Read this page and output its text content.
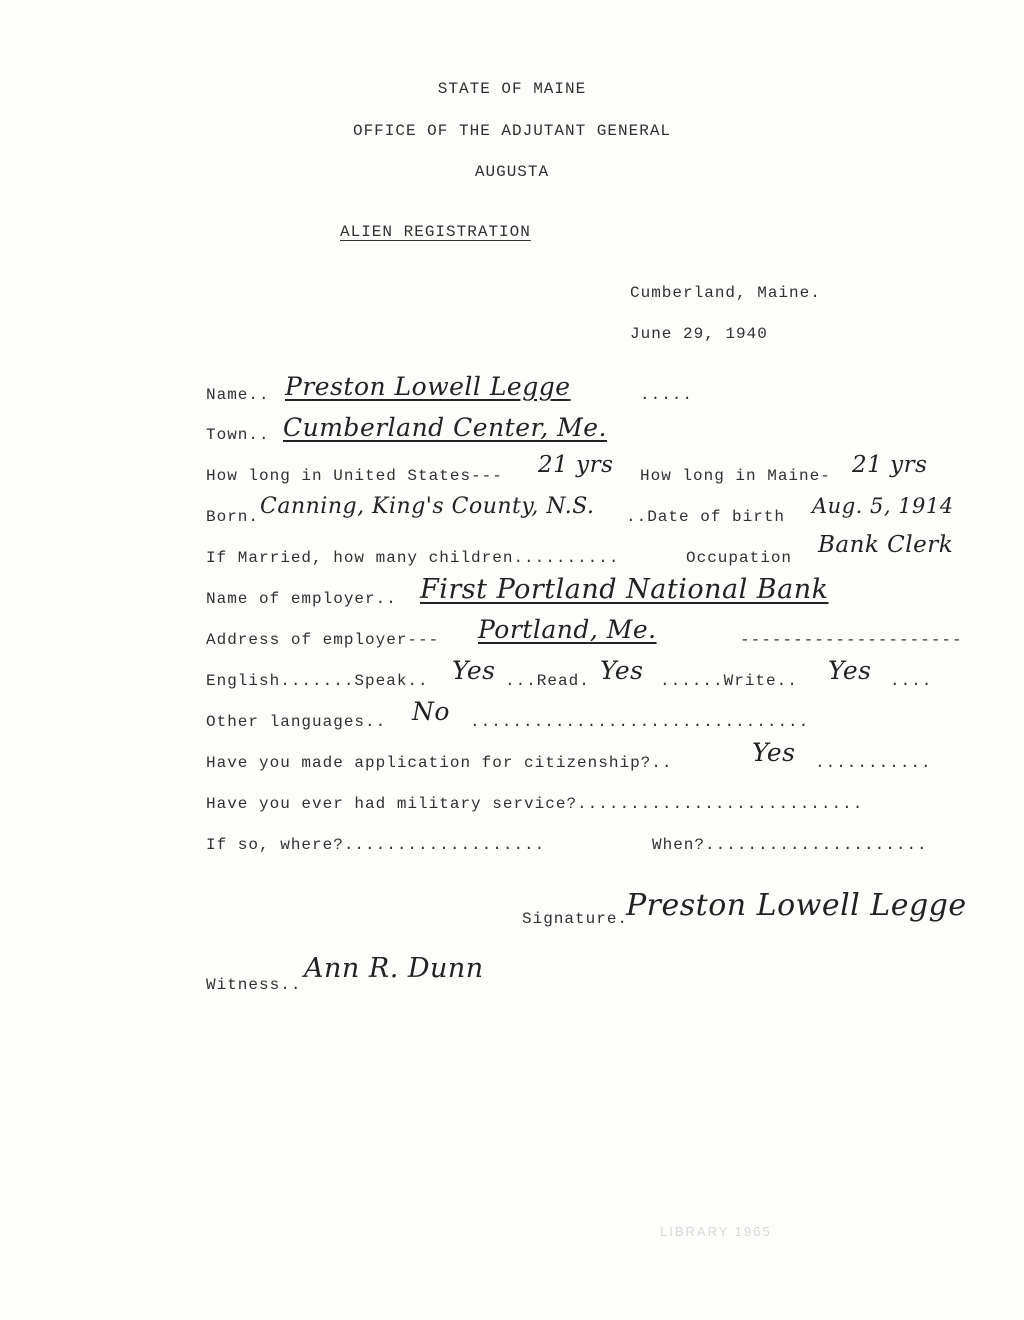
STATE OF MAINE
OFFICE OF THE ADJUTANT GENERAL
AUGUSTA
ALIEN REGISTRATION
Cumberland, Maine.
June 29, 1940
Name.. Preston Lowell Legge	.....
Town.. Cumberland Center, Me.
How long in United States--- 21 yrs How long in Maine- 21 yrs
Born. Canning, King's County, N.S. ..Date of birth Aug. 5, 1914
If Married, how many children..........	Occupation Bank Clerk
Name of employer.. First Portland National Bank
Address of employer--- Portland, Me.	---------------------
English.......Speak.. Yes ...Read. Yes ......Write.. Yes ....
Other languages.. No ................................
Have you made application for citizenship?..	Yes ...........
Have you ever had military service?...........................
If so, where?...................	When?.....................
Signature.
Preston Lowell Legge
Witness..
Ann R. Dunn
LIBRARY 1965
